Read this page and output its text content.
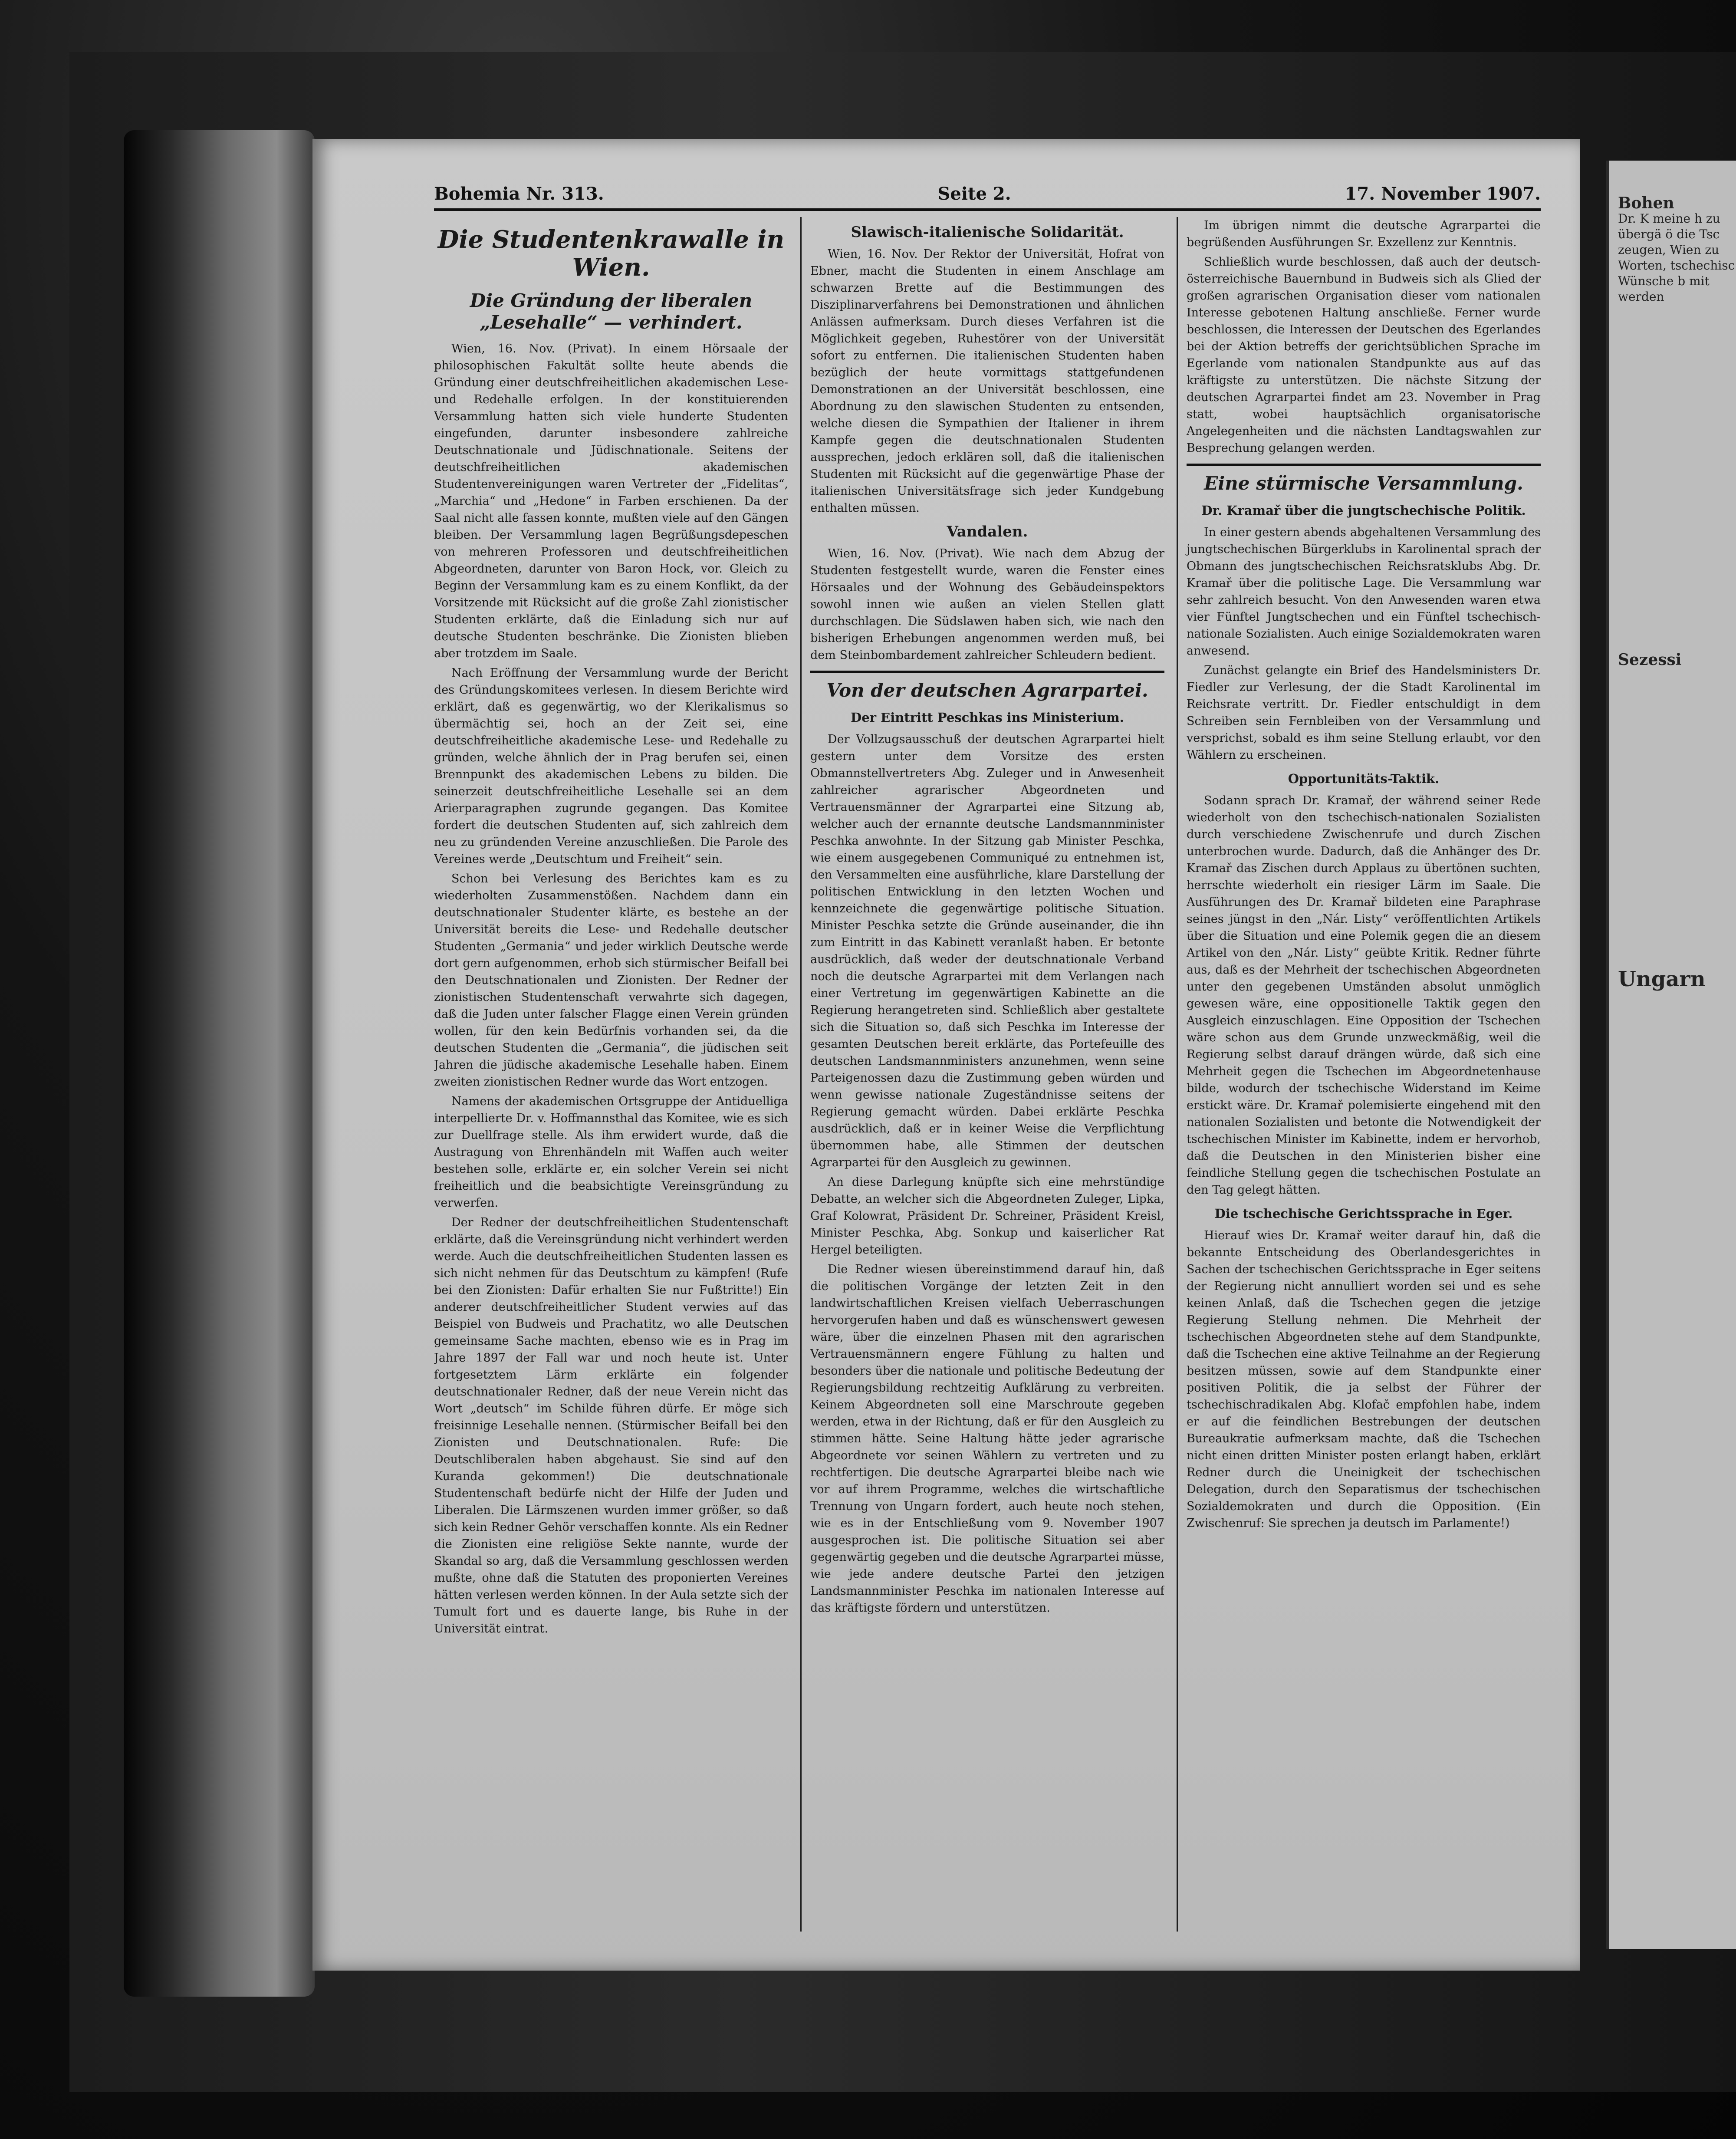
Bohen
Dr. K meine h zu übergä ö die Tsc zeugen, Wien zu Worten, tschechisc Wünsche b mit werden
Sezessi
Ungarn
Bohemia Nr. 313.	Seite 2.	17. November 1907.
Die Studentenkrawalle in Wien.
Die Gründung der liberalen „Lesehalle“ — verhindert.

Wien, 16. Nov. (Privat). In einem Hörsaale der philosophischen Fakultät sollte heute abends die Gründung einer deutschfreiheitlichen akademischen Lese- und Redehalle erfolgen. In der konstituierenden Versammlung hatten sich viele hunderte Studenten eingefunden, darunter insbesondere zahlreiche Deutschnationale und Jüdischnationale. Seitens der deutschfreiheitlichen akademischen Studentenvereinigungen waren Vertreter der „Fidelitas“, „Marchia“ und „Hedone“ in Farben erschienen. Da der Saal nicht alle fassen konnte, mußten viele auf den Gängen bleiben. Der Versammlung lagen Begrüßungsdepeschen von mehreren Professoren und deutschfreiheitlichen Abgeordneten, darunter von Baron Hock, vor. Gleich zu Beginn der Versammlung kam es zu einem Konflikt, da der Vorsitzende mit Rücksicht auf die große Zahl zionistischer Studenten erklärte, daß die Einladung sich nur auf deutsche Studenten beschränke. Die Zionisten blieben aber trotzdem im Saale.

Nach Eröffnung der Versammlung wurde der Bericht des Gründungskomitees verlesen. In diesem Berichte wird erklärt, daß es gegenwärtig, wo der Klerikalismus so übermächtig sei, hoch an der Zeit sei, eine deutschfreiheitliche akademische Lese- und Redehalle zu gründen, welche ähnlich der in Prag berufen sei, einen Brennpunkt des akademischen Lebens zu bilden. Die seinerzeit deutschfreiheitliche Lesehalle sei an dem Arierparagraphen zugrunde gegangen. Das Komitee fordert die deutschen Studenten auf, sich zahlreich dem neu zu gründenden Vereine anzuschließen. Die Parole des Vereines werde „Deutschtum und Freiheit“ sein.

Schon bei Verlesung des Berichtes kam es zu wiederholten Zusammenstößen. Nachdem dann ein deutschnationaler Studenter klärte, es bestehe an der Universität bereits die Lese- und Redehalle deutscher Studenten „Germania“ und jeder wirklich Deutsche werde dort gern aufgenommen, erhob sich stürmischer Beifall bei den Deutschnationalen und Zionisten. Der Redner der zionistischen Studentenschaft verwahrte sich dagegen, daß die Juden unter falscher Flagge einen Verein gründen wollen, für den kein Bedürfnis vorhanden sei, da die deutschen Studenten die „Germania“, die jüdischen seit Jahren die jüdische akademische Lesehalle haben. Einem zweiten zionistischen Redner wurde das Wort entzogen.

Namens der akademischen Ortsgruppe der Antiduelliga interpellierte Dr. v. Hoffmannsthal das Komitee, wie es sich zur Duellfrage stelle. Als ihm erwidert wurde, daß die Austragung von Ehrenhändeln mit Waffen auch weiter bestehen solle, erklärte er, ein solcher Verein sei nicht freiheitlich und die beabsichtigte Vereinsgründung zu verwerfen.

Der Redner der deutschfreiheitlichen Studentenschaft erklärte, daß die Vereinsgründung nicht verhindert werden werde. Auch die deutschfreiheitlichen Studenten lassen es sich nicht nehmen für das Deutschtum zu kämpfen! (Rufe bei den Zionisten: Dafür erhalten Sie nur Fußtritte!) Ein anderer deutschfreiheitlicher Student verwies auf das Beispiel von Budweis und Prachatitz, wo alle Deutschen gemeinsame Sache machten, ebenso wie es in Prag im Jahre 1897 der Fall war und noch heute ist. Unter fortgesetztem Lärm erklärte ein folgender deutschnationaler Redner, daß der neue Verein nicht das Wort „deutsch“ im Schilde führen dürfe. Er möge sich freisinnige Lesehalle nennen. (Stürmischer Beifall bei den Zionisten und Deutschnationalen. Rufe: Die Deutschliberalen haben abgehaust. Sie sind auf den Kuranda gekommen!) Die deutschnationale Studentenschaft bedürfe nicht der Hilfe der Juden und Liberalen. Die Lärmszenen wurden immer größer, so daß sich kein Redner Gehör verschaffen konnte. Als ein Redner die Zionisten eine religiöse Sekte nannte, wurde der Skandal so arg, daß die Versammlung geschlossen werden mußte, ohne daß die Statuten des proponierten Vereines hätten verlesen werden können. In der Aula setzte sich der Tumult fort und es dauerte lange, bis Ruhe in der Universität eintrat.

Slawisch-italienische Solidarität.

Wien, 16. Nov. Der Rektor der Universität, Hofrat von Ebner, macht die Studenten in einem Anschlage am schwarzen Brette auf die Bestimmungen des Disziplinarverfahrens bei Demonstrationen und ähnlichen Anlässen aufmerksam. Durch dieses Verfahren ist die Möglichkeit gegeben, Ruhestörer von der Universität sofort zu entfernen. Die italienischen Studenten haben bezüglich der heute vormittags stattgefundenen Demonstrationen an der Universität beschlossen, eine Abordnung zu den slawischen Studenten zu entsenden, welche diesen die Sympathien der Italiener in ihrem Kampfe gegen die deutschnationalen Studenten aussprechen, jedoch erklären soll, daß die italienischen Studenten mit Rücksicht auf die gegenwärtige Phase der italienischen Universitätsfrage sich jeder Kundgebung enthalten müssen.

Vandalen.

Wien, 16. Nov. (Privat). Wie nach dem Abzug der Studenten festgestellt wurde, waren die Fenster eines Hörsaales und der Wohnung des Gebäudeinspektors sowohl innen wie außen an vielen Stellen glatt durchschlagen. Die Südslawen haben sich, wie nach den bisherigen Erhebungen angenommen werden muß, bei dem Steinbombardement zahlreicher Schleudern bedient.

Von der deutschen Agrarpartei.
Der Eintritt Peschkas ins Ministerium.

Der Vollzugsausschuß der deutschen Agrarpartei hielt gestern unter dem Vorsitze des ersten Obmannstellvertreters Abg. Zuleger und in Anwesenheit zahlreicher agrarischer Abgeordneten und Vertrauensmänner der Agrarpartei eine Sitzung ab, welcher auch der ernannte deutsche Landsmannminister Peschka anwohnte. In der Sitzung gab Minister Peschka, wie einem ausgegebenen Communiqué zu entnehmen ist, den Versammelten eine ausführliche, klare Darstellung der politischen Entwicklung in den letzten Wochen und kennzeichnete die gegenwärtige politische Situation. Minister Peschka setzte die Gründe auseinander, die ihn zum Eintritt in das Kabinett veranlaßt haben. Er betonte ausdrücklich, daß weder der deutschnationale Verband noch die deutsche Agrarpartei mit dem Verlangen nach einer Vertretung im gegenwärtigen Kabinette an die Regierung herangetreten sind. Schließlich aber gestaltete sich die Situation so, daß sich Peschka im Interesse der gesamten Deutschen bereit erklärte, das Portefeuille des deutschen Landsmannministers anzunehmen, wenn seine Parteigenossen dazu die Zustimmung geben würden und wenn gewisse nationale Zugeständnisse seitens der Regierung gemacht würden. Dabei erklärte Peschka ausdrücklich, daß er in keiner Weise die Verpflichtung übernommen habe, alle Stimmen der deutschen Agrarpartei für den Ausgleich zu gewinnen.

An diese Darlegung knüpfte sich eine mehrstündige Debatte, an welcher sich die Abgeordneten Zuleger, Lipka, Graf Kolowrat, Präsident Dr. Schreiner, Präsident Kreisl, Minister Peschka, Abg. Sonkup und kaiserlicher Rat Hergel beteiligten.

Die Redner wiesen übereinstimmend darauf hin, daß die politischen Vorgänge der letzten Zeit in den landwirtschaftlichen Kreisen vielfach Ueberraschungen hervorgerufen haben und daß es wünschenswert gewesen wäre, über die einzelnen Phasen mit den agrarischen Vertrauensmännern engere Fühlung zu halten und besonders über die nationale und politische Bedeutung der Regierungsbildung rechtzeitig Aufklärung zu verbreiten. Keinem Abgeordneten soll eine Marschroute gegeben werden, etwa in der Richtung, daß er für den Ausgleich zu stimmen hätte. Seine Haltung hätte jeder agrarische Abgeordnete vor seinen Wählern zu vertreten und zu rechtfertigen. Die deutsche Agrarpartei bleibe nach wie vor auf ihrem Programme, welches die wirtschaftliche Trennung von Ungarn fordert, auch heute noch stehen, wie es in der Entschließung vom 9. November 1907 ausgesprochen ist. Die politische Situation sei aber gegenwärtig gegeben und die deutsche Agrarpartei müsse, wie jede andere deutsche Partei den jetzigen Landsmannminister Peschka im nationalen Interesse auf das kräftigste fördern und unterstützen.

Im übrigen nimmt die deutsche Agrarpartei die begrüßenden Ausführungen Sr. Exzellenz zur Kenntnis.

Schließlich wurde beschlossen, daß auch der deutsch-österreichische Bauernbund in Budweis sich als Glied der großen agrarischen Organisation dieser vom nationalen Interesse gebotenen Haltung anschließe. Ferner wurde beschlossen, die Interessen der Deutschen des Egerlandes bei der Aktion betreffs der gerichtsüblichen Sprache im Egerlande vom nationalen Standpunkte aus auf das kräftigste zu unterstützen. Die nächste Sitzung der deutschen Agrarpartei findet am 23. November in Prag statt, wobei hauptsächlich organisatorische Angelegenheiten und die nächsten Landtagswahlen zur Besprechung gelangen werden.

Eine stürmische Versammlung.
Dr. Kramař über die jungtschechische Politik.

In einer gestern abends abgehaltenen Versammlung des jungtschechischen Bürgerklubs in Karolinental sprach der Obmann des jungtschechischen Reichsratsklubs Abg. Dr. Kramař über die politische Lage. Die Versammlung war sehr zahlreich besucht. Von den Anwesenden waren etwa vier Fünftel Jungtschechen und ein Fünftel tschechisch-nationale Sozialisten. Auch einige Sozialdemokraten waren anwesend.

Zunächst gelangte ein Brief des Handelsministers Dr. Fiedler zur Verlesung, der die Stadt Karolinental im Reichsrate vertritt. Dr. Fiedler entschuldigt in dem Schreiben sein Fernbleiben von der Versammlung und versprichst, sobald es ihm seine Stellung erlaubt, vor den Wählern zu erscheinen.

Opportunitäts-Taktik.

Sodann sprach Dr. Kramař, der während seiner Rede wiederholt von den tschechisch-nationalen Sozialisten durch verschiedene Zwischenrufe und durch Zischen unterbrochen wurde. Dadurch, daß die Anhänger des Dr. Kramař das Zischen durch Applaus zu übertönen suchten, herrschte wiederholt ein riesiger Lärm im Saale. Die Ausführungen des Dr. Kramař bildeten eine Paraphrase seines jüngst in den „Nár. Listy“ veröffentlichten Artikels über die Situation und eine Polemik gegen die an diesem Artikel von den „Nár. Listy“ geübte Kritik. Redner führte aus, daß es der Mehrheit der tschechischen Abgeordneten unter den gegebenen Umständen absolut unmöglich gewesen wäre, eine oppositionelle Taktik gegen den Ausgleich einzuschlagen. Eine Opposition der Tschechen wäre schon aus dem Grunde unzweckmäßig, weil die Regierung selbst darauf drängen würde, daß sich eine Mehrheit gegen die Tschechen im Abgeordnetenhause bilde, wodurch der tschechische Widerstand im Keime erstickt wäre. Dr. Kramař polemisierte eingehend mit den nationalen Sozialisten und betonte die Notwendigkeit der tschechischen Minister im Kabinette, indem er hervorhob, daß die Deutschen in den Ministerien bisher eine feindliche Stellung gegen die tschechischen Postulate an den Tag gelegt hätten.

Die tschechische Gerichtssprache in Eger.

Hierauf wies Dr. Kramař weiter darauf hin, daß die bekannte Entscheidung des Oberlandesgerichtes in Sachen der tschechischen Gerichtssprache in Eger seitens der Regierung nicht annulliert worden sei und es sehe keinen Anlaß, daß die Tschechen gegen die jetzige Regierung Stellung nehmen. Die Mehrheit der tschechischen Abgeordneten stehe auf dem Standpunkte, daß die Tschechen eine aktive Teilnahme an der Regierung besitzen müssen, sowie auf dem Standpunkte einer positiven Politik, die ja selbst der Führer der tschechischradikalen Abg. Klofač empfohlen habe, indem er auf die feindlichen Bestrebungen der deutschen Bureaukratie aufmerksam machte, daß die Tschechen nicht einen dritten Minister posten erlangt haben, erklärt Redner durch die Uneinigkeit der tschechischen Delegation, durch den Separatismus der tschechischen Sozialdemokraten und durch die Opposition. (Ein Zwischenruf: Sie sprechen ja deutsch im Parlamente!)
